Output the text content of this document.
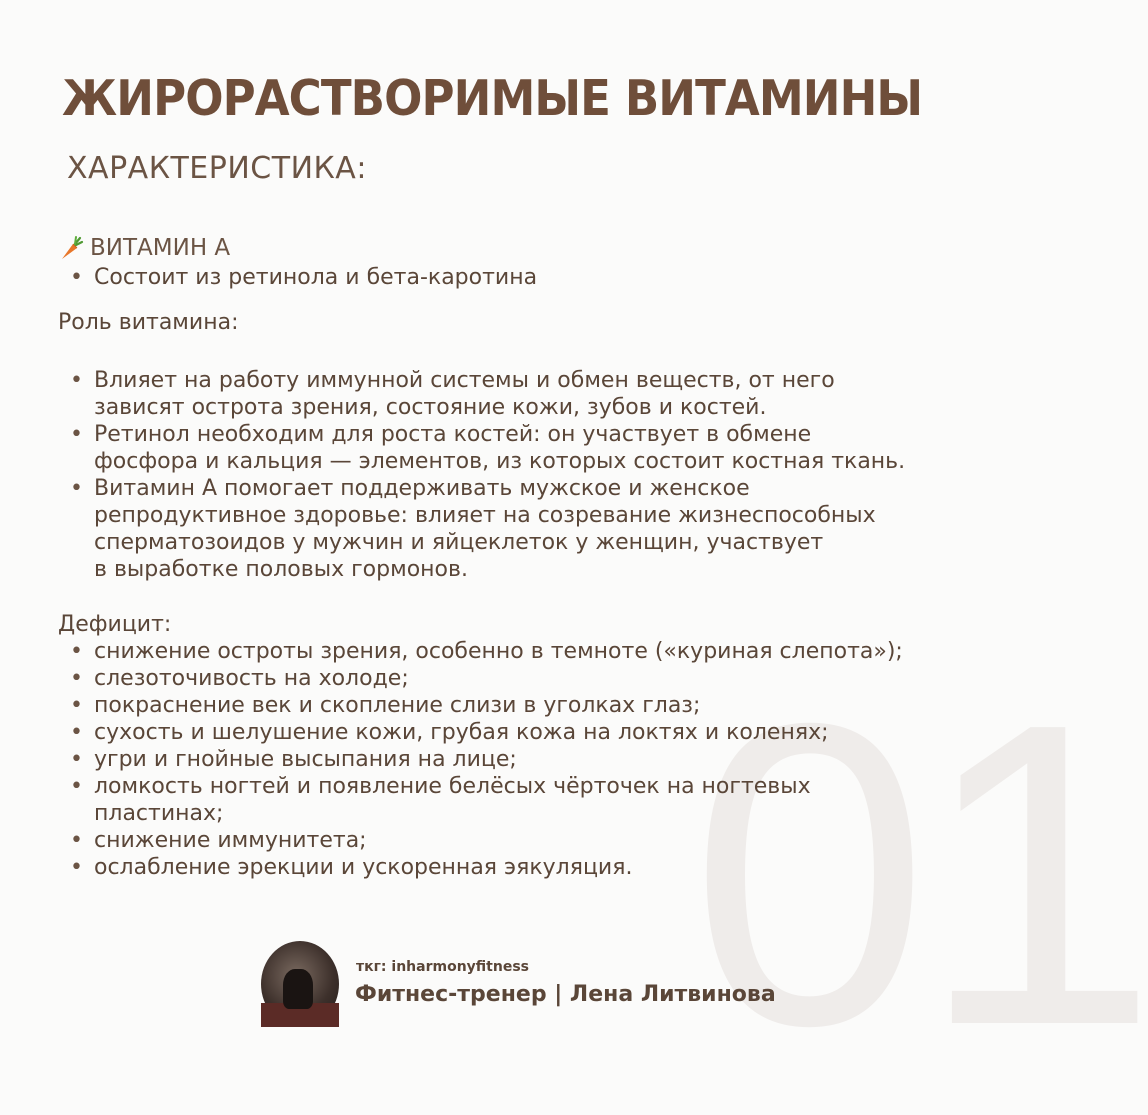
01
ЖИРОРАСТВОРИМЫЕ ВИТАМИНЫ
ХАРАКТЕРИСТИКА:
ВИТАМИН А
• Состоит из ретинола и бета-каротина
Роль витамина:
• Влияет на работу иммунной системы и обмен веществ, от него
зависят острота зрения, состояние кожи, зубов и костей.
• Ретинол необходим для роста костей: он участвует в обмене
фосфора и кальция — элементов, из которых состоит костная ткань.
• Витамин А помогает поддерживать мужское и женское
репродуктивное здоровье: влияет на созревание жизнеспособных
сперматозоидов у мужчин и яйцеклеток у женщин, участвует
в выработке половых гормонов.
Дефицит:
• снижение остроты зрения, особенно в темноте («куриная слепота»);
• слезоточивость на холоде;
• покраснение век и скопление слизи в уголках глаз;
• сухость и шелушение кожи, грубая кожа на локтях и коленях;
• угри и гнойные высыпания на лице;
• ломкость ногтей и появление белёсых чёрточек на ногтевых
пластинах;
• снижение иммунитета;
• ослабление эрекции и ускоренная эякуляция.
ткг: inharmonyfitness
Фитнес-тренер | Лена Литвинова
